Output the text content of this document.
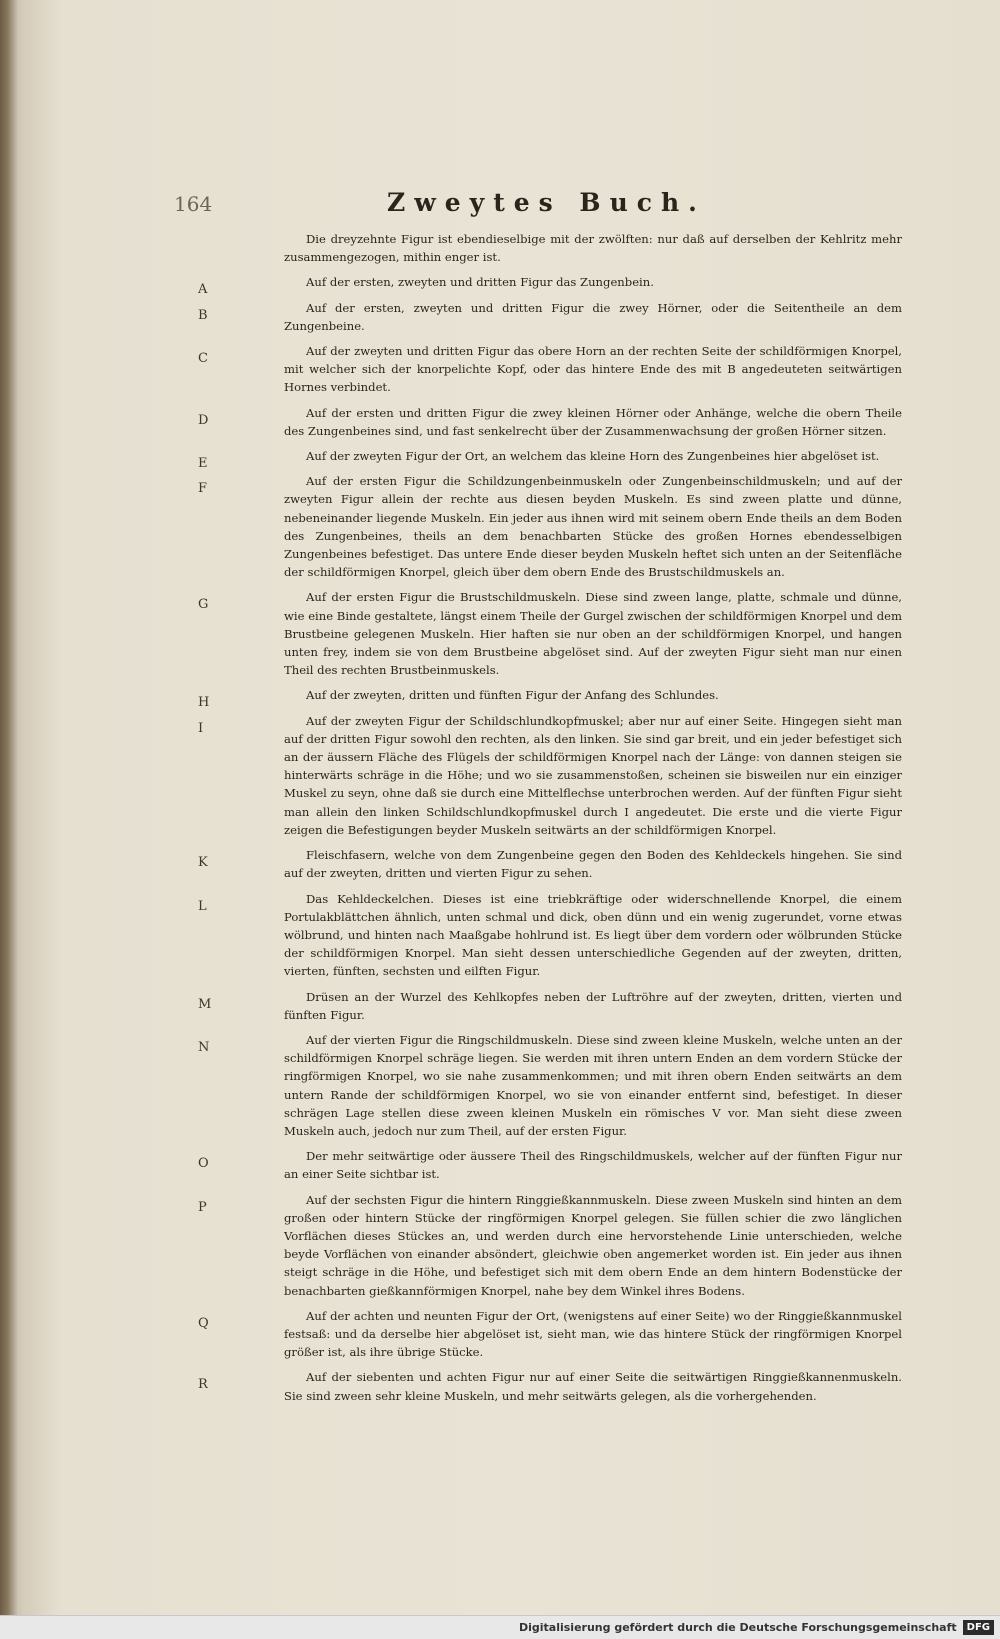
164	Zweytes Buch.
Die dreyzehnte Figur ist ebendieselbige mit der zwölften: nur daß auf derselben der Kehlritz mehr zusammengezogen, mithin enger ist.
A	Auf der ersten, zweyten und dritten Figur das Zungenbein.
B	Auf der ersten, zweyten und dritten Figur die zwey Hörner, oder die Seitentheile an dem Zungenbeine.
C	Auf der zweyten und dritten Figur das obere Horn an der rechten Seite der schildförmigen Knorpel, mit welcher sich der knorpelichte Kopf, oder das hintere Ende des mit B angedeuteten seitwärtigen Hornes verbindet.
D	Auf der ersten und dritten Figur die zwey kleinen Hörner oder Anhänge, welche die obern Theile des Zungenbeines sind, und fast senkelrecht über der Zusammenwachsung der großen Hörner sitzen.
E	Auf der zweyten Figur der Ort, an welchem das kleine Horn des Zungenbeines hier abgelöset ist.
F	Auf der ersten Figur die Schildzungenbeinmuskeln oder Zungenbeinschildmuskeln; und auf der zweyten Figur allein der rechte aus diesen beyden Muskeln. Es sind zween platte und dünne, nebeneinander liegende Muskeln. Ein jeder aus ihnen wird mit seinem obern Ende theils an dem Boden des Zungenbeines, theils an dem benachbarten Stücke des großen Hornes ebendesselbigen Zungenbeines befestiget. Das untere Ende dieser beyden Muskeln heftet sich unten an der Seitenfläche der schildförmigen Knorpel, gleich über dem obern Ende des Brustschildmuskels an.
G	Auf der ersten Figur die Brustschildmuskeln. Diese sind zween lange, platte, schmale und dünne, wie eine Binde gestaltete, längst einem Theile der Gurgel zwischen der schildförmigen Knorpel und dem Brustbeine gelegenen Muskeln. Hier haften sie nur oben an der schildförmigen Knorpel, und hangen unten frey, indem sie von dem Brustbeine abgelöset sind. Auf der zweyten Figur sieht man nur einen Theil des rechten Brustbeinmuskels.
H	Auf der zweyten, dritten und fünften Figur der Anfang des Schlundes.
I	Auf der zweyten Figur der Schildschlundkopfmuskel; aber nur auf einer Seite. Hingegen sieht man auf der dritten Figur sowohl den rechten, als den linken. Sie sind gar breit, und ein jeder befestiget sich an der äussern Fläche des Flügels der schildförmigen Knorpel nach der Länge: von dannen steigen sie hinterwärts schräge in die Höhe; und wo sie zusammenstoßen, scheinen sie bisweilen nur ein einziger Muskel zu seyn, ohne daß sie durch eine Mittelflechse unterbrochen werden. Auf der fünften Figur sieht man allein den linken Schildschlundkopfmuskel durch I angedeutet. Die erste und die vierte Figur zeigen die Befestigungen beyder Muskeln seitwärts an der schildförmigen Knorpel.
K	Fleischfasern, welche von dem Zungenbeine gegen den Boden des Kehldeckels hingehen. Sie sind auf der zweyten, dritten und vierten Figur zu sehen.
L	Das Kehldeckelchen. Dieses ist eine triebkräftige oder widerschnellende Knorpel, die einem Portulakblättchen ähnlich, unten schmal und dick, oben dünn und ein wenig zugerundet, vorne etwas wölbrund, und hinten nach Maaßgabe hohlrund ist. Es liegt über dem vordern oder wölbrunden Stücke der schildförmigen Knorpel. Man sieht dessen unterschiedliche Gegenden auf der zweyten, dritten, vierten, fünften, sechsten und eilften Figur.
M	Drüsen an der Wurzel des Kehlkopfes neben der Luftröhre auf der zweyten, dritten, vierten und fünften Figur.
N	Auf der vierten Figur die Ringschildmuskeln. Diese sind zween kleine Muskeln, welche unten an der schildförmigen Knorpel schräge liegen. Sie werden mit ihren untern Enden an dem vordern Stücke der ringförmigen Knorpel, wo sie nahe zusammenkommen; und mit ihren obern Enden seitwärts an dem untern Rande der schildförmigen Knorpel, wo sie von einander entfernt sind, befestiget. In dieser schrägen Lage stellen diese zween kleinen Muskeln ein römisches V vor. Man sieht diese zween Muskeln auch, jedoch nur zum Theil, auf der ersten Figur.
O	Der mehr seitwärtige oder äussere Theil des Ringschildmuskels, welcher auf der fünften Figur nur an einer Seite sichtbar ist.
P	Auf der sechsten Figur die hintern Ringgießkannmuskeln. Diese zween Muskeln sind hinten an dem großen oder hintern Stücke der ringförmigen Knorpel gelegen. Sie füllen schier die zwo länglichen Vorflächen dieses Stückes an, und werden durch eine hervorstehende Linie unterschieden, welche beyde Vorflächen von einander absöndert, gleichwie oben angemerket worden ist. Ein jeder aus ihnen steigt schräge in die Höhe, und befestiget sich mit dem obern Ende an dem hintern Bodenstücke der benachbarten gießkannförmigen Knorpel, nahe bey dem Winkel ihres Bodens.
Q	Auf der achten und neunten Figur der Ort, (wenigstens auf einer Seite) wo der Ringgießkannmuskel festsaß: und da derselbe hier abgelöset ist, sieht man, wie das hintere Stück der ringförmigen Knorpel größer ist, als ihre übrige Stücke.
R	Auf der siebenten und achten Figur nur auf einer Seite die seitwärtigen Ringgießkannenmuskeln. Sie sind zween sehr kleine Muskeln, und mehr seitwärts gelegen, als die vorhergehenden.
Digitalisierung gefördert durch die Deutsche Forschungsgemeinschaft	DFG
